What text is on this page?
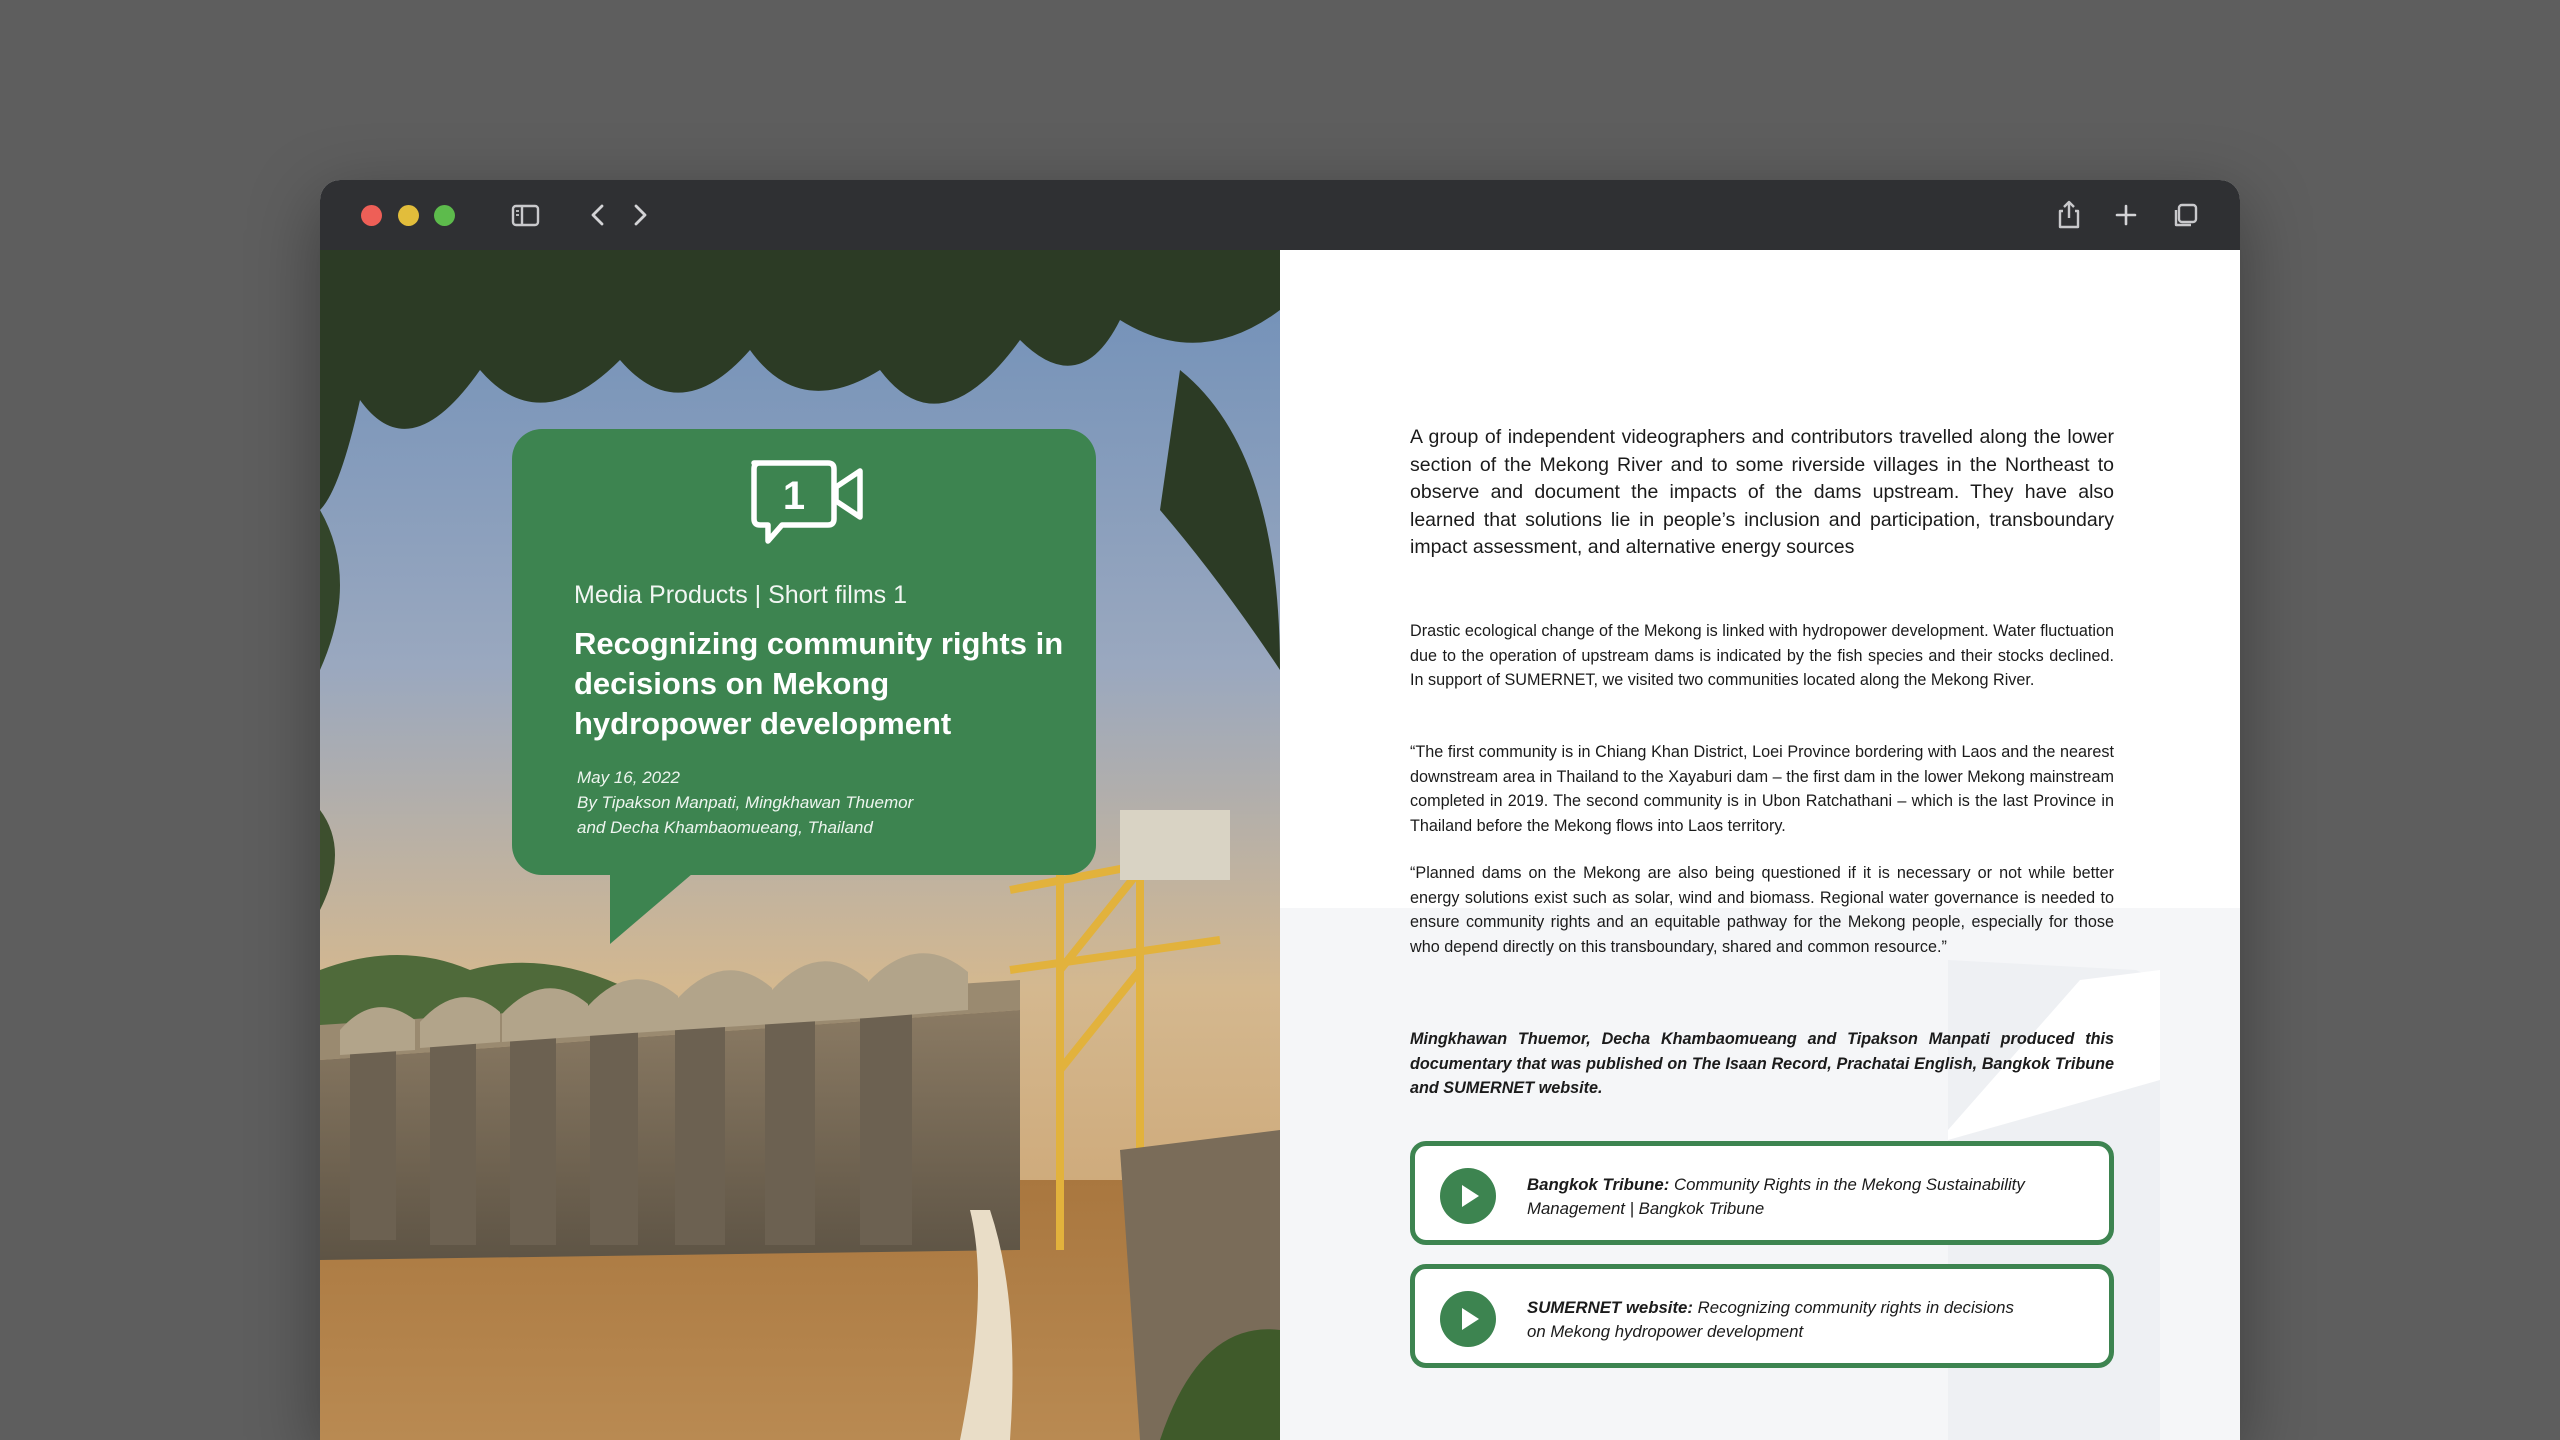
1
Media Products | Short films 1
Recognizing community rights in decisions on Mekong hydropower development
May 16, 2022
By Tipakson Manpati, Mingkhawan Thuemor
and Decha Khambaomueang, Thailand
A group of independent videographers and contributors travelled along the lower section of the Mekong River and to some riverside villages in the Northeast to observe and document the impacts of the dams upstream. They have also learned that solutions lie in people’s inclusion and participation, transboundary impact assessment, and alternative energy sources
Drastic ecological change of the Mekong is linked with hydropower development. Water fluctuation due to the operation of upstream dams is indicated by the fish species and their stocks declined. In support of SUMERNET, we visited two communities located along the Mekong River.
“The first community is in Chiang Khan District, Loei Province bordering with Laos and the nearest downstream area in Thailand to the Xayaburi dam – the first dam in the lower Mekong mainstream completed in 2019. The second community is in Ubon Ratchathani – which is the last Province in Thailand before the Mekong flows into Laos territory.
“Planned dams on the Mekong are also being questioned if it is necessary or not while better energy solutions exist such as solar, wind and biomass. Regional water governance is needed to ensure community rights and an equitable pathway for the Mekong people, especially for those who depend directly on this transboundary, shared and common resource.”
Mingkhawan Thuemor, Decha Khambaomueang and Tipakson Manpati produced this documentary that was published on The Isaan Record, Prachatai English, Bangkok Tribune and SUMERNET website.
Bangkok Tribune: Community Rights in the Mekong Sustainability
Management | Bangkok Tribune
SUMERNET website: Recognizing community rights in decisions
on Mekong hydropower development
